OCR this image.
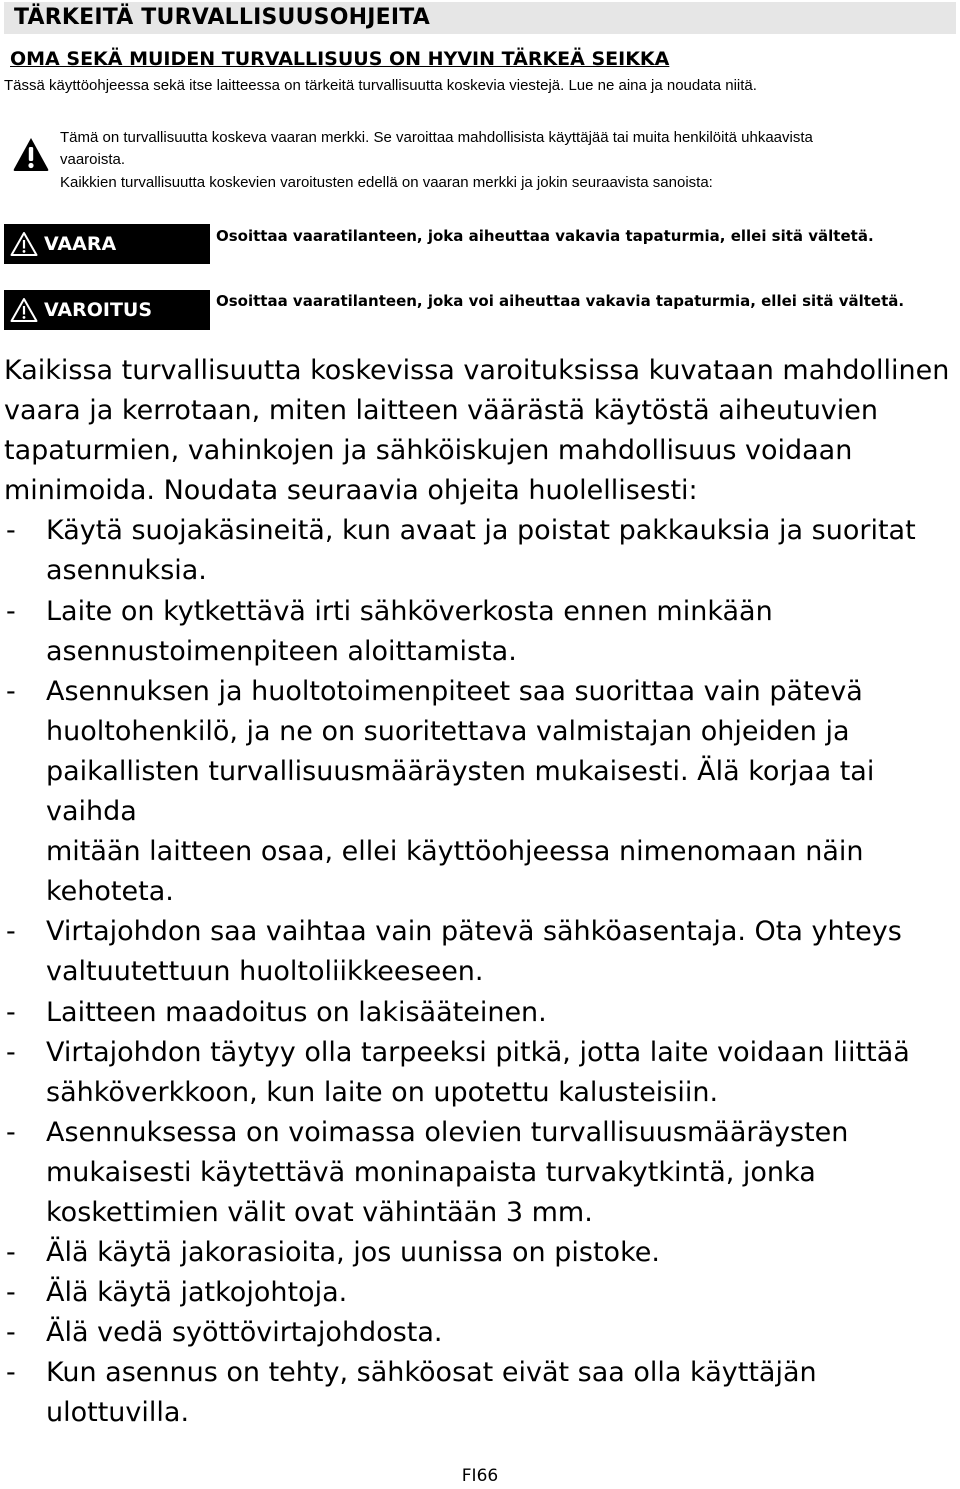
TÄRKEITÄ TURVALLISUUSOHJEITA
OMA SEKÄ MUIDEN TURVALLISUUS ON HYVIN TÄRKEÄ SEIKKA

Tässä käyttöohjeessa sekä itse laitteessa on tärkeitä turvallisuutta koskevia viestejä. Lue ne aina ja noudata niitä.

Tämä on turvallisuutta koskeva vaaran merkki. Se varoittaa mahdollisista käyttäjää tai muita henkilöitä uhkaavista

vaaroista.

Kaikkien turvallisuutta koskevien varoitusten edellä on vaaran merkki ja jokin seuraavista sanoista:

VAARA	Osoittaa vaaratilanteen, joka aiheuttaa vakavia tapaturmia, ellei sitä vältetä.

VAROITUS	Osoittaa vaaratilanteen, joka voi aiheuttaa vakavia tapaturmia, ellei sitä vältetä.

Kaikissa turvallisuutta koskevissa varoituksissa kuvataan mahdollinen
vaara ja kerrotaan, miten laitteen väärästä käytöstä aiheutuvien
tapaturmien, vahinkojen ja sähköiskujen mahdollisuus voidaan
minimoida. Noudata seuraavia ohjeita huolellisesti:
- Käytä suojakäsineitä, kun avaat ja poistat pakkauksia ja suoritat
asennuksia.
- Laite on kytkettävä irti sähköverkosta ennen minkään
asennustoimenpiteen aloittamista.
- Asennuksen ja huoltotoimenpiteet saa suorittaa vain pätevä
huoltohenkilö, ja ne on suoritettava valmistajan ohjeiden ja
paikallisten turvallisuusmääräysten mukaisesti. Älä korjaa tai vaihda
mitään laitteen osaa, ellei käyttöohjeessa nimenomaan näin
kehoteta.
- Virtajohdon saa vaihtaa vain pätevä sähköasentaja. Ota yhteys
valtuutettuun huoltoliikkeeseen.
- Laitteen maadoitus on lakisääteinen.
- Virtajohdon täytyy olla tarpeeksi pitkä, jotta laite voidaan liittää
sähköverkkoon, kun laite on upotettu kalusteisiin.
- Asennuksessa on voimassa olevien turvallisuusmääräysten
mukaisesti käytettävä moninapaista turvakytkintä, jonka
koskettimien välit ovat vähintään 3 mm.
- Älä käytä jakorasioita, jos uunissa on pistoke.
- Älä käytä jatkojohtoja.
- Älä vedä syöttövirtajohdosta.
- Kun asennus on tehty, sähköosat eivät saa olla käyttäjän ulottuvilla.

FI66
